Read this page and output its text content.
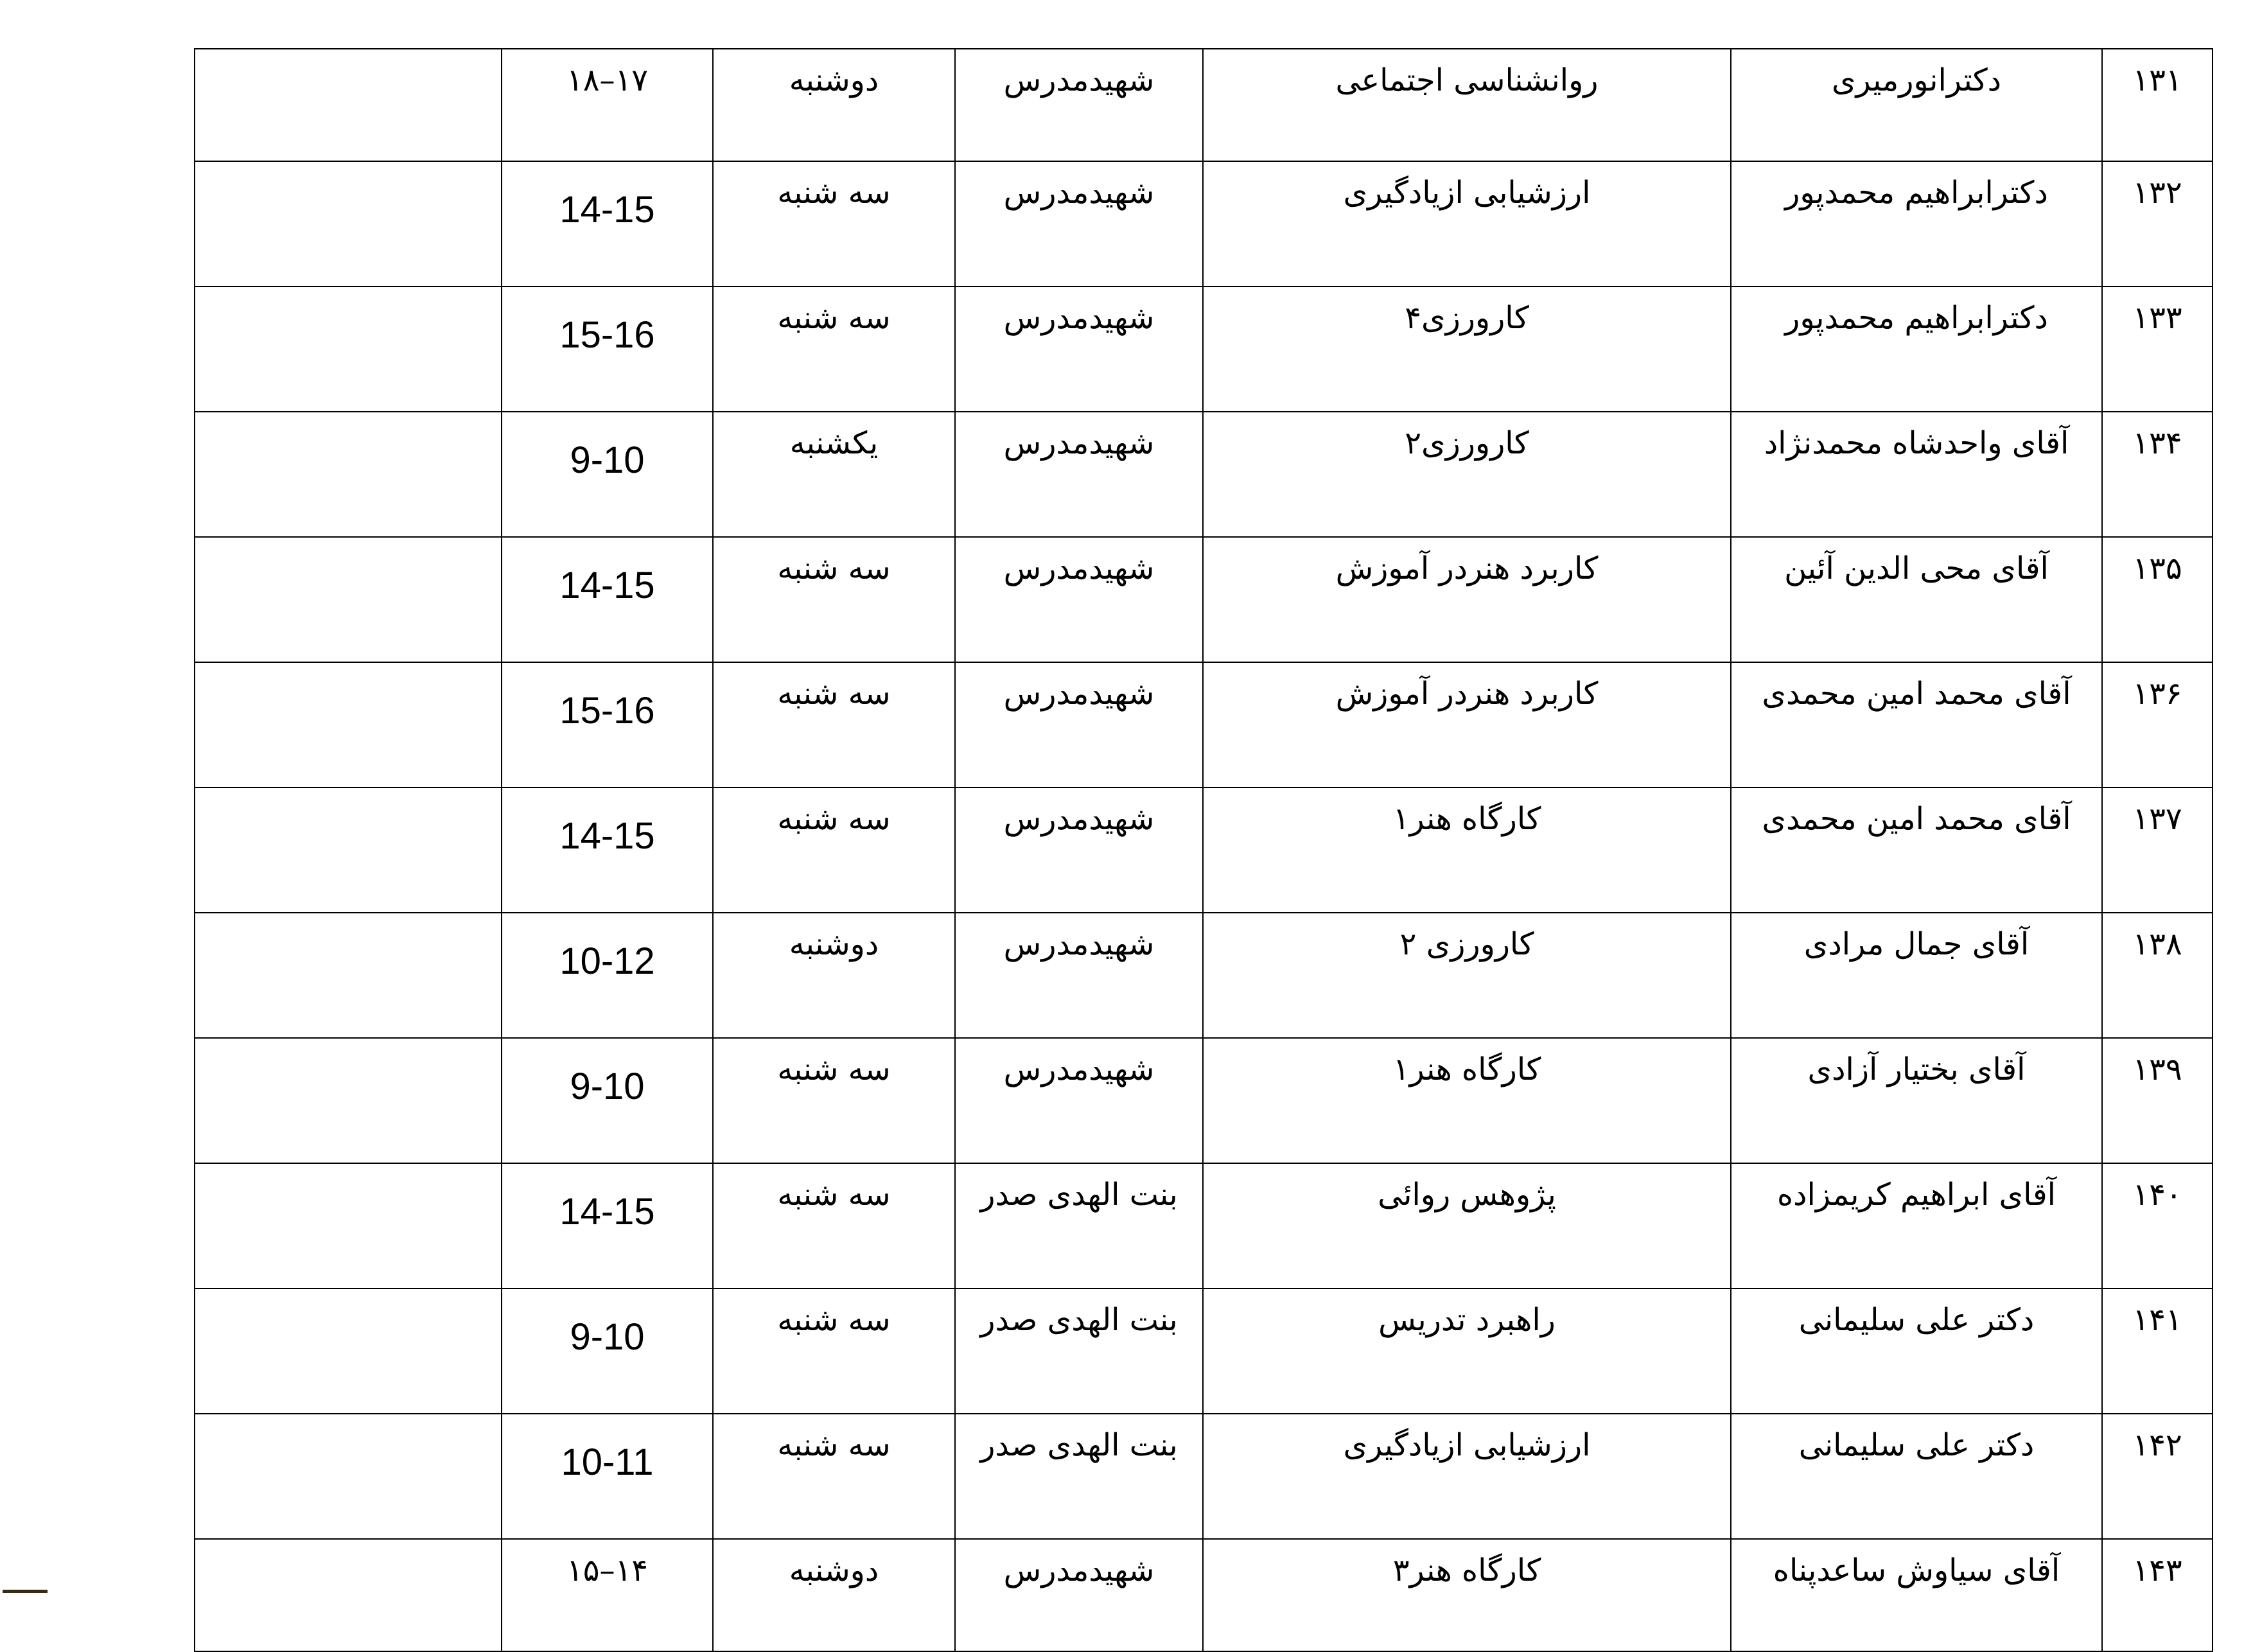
	۱۸–۱۷	دوشنبه	شهیدمدرس	روانشناسی اجتماعی	دکترانورمیری	۱۳۱
	14-15	سه شنبه	شهیدمدرس	ارزشیابی ازیادگیری	دکترابراهیم محمدپور	۱۳۲
	15-16	سه شنبه	شهیدمدرس	کارورزی۴	دکترابراهیم محمدپور	۱۳۳
	9-10	یکشنبه	شهیدمدرس	کارورزی۲	آقای واحدشاه محمدنژاد	۱۳۴
	14-15	سه شنبه	شهیدمدرس	کاربرد هنردر آموزش	آقای محی الدین آئین	۱۳۵
	15-16	سه شنبه	شهیدمدرس	کاربرد هنردر آموزش	آقای محمد امین محمدی	۱۳۶
	14-15	سه شنبه	شهیدمدرس	کارگاه هنر۱	آقای محمد امین محمدی	۱۳۷
	10-12	دوشنبه	شهیدمدرس	کارورزی ۲	آقای جمال مرادی	۱۳۸
	9-10	سه شنبه	شهیدمدرس	کارگاه هنر۱	آقای بختیار آزادی	۱۳۹
	14-15	سه شنبه	بنت الهدی صدر	پژوهس روائی	آقای ابراهیم کریمزاده	۱۴۰
	9-10	سه شنبه	بنت الهدی صدر	راهبرد تدریس	دکتر علی سلیمانی	۱۴۱
	10-11	سه شنبه	بنت الهدی صدر	ارزشیابی ازیادگیری	دکتر علی سلیمانی	۱۴۲
	۱۵–۱۴	دوشنبه	شهیدمدرس	کارگاه هنر۳	آقای سیاوش ساعدپناه	۱۴۳
